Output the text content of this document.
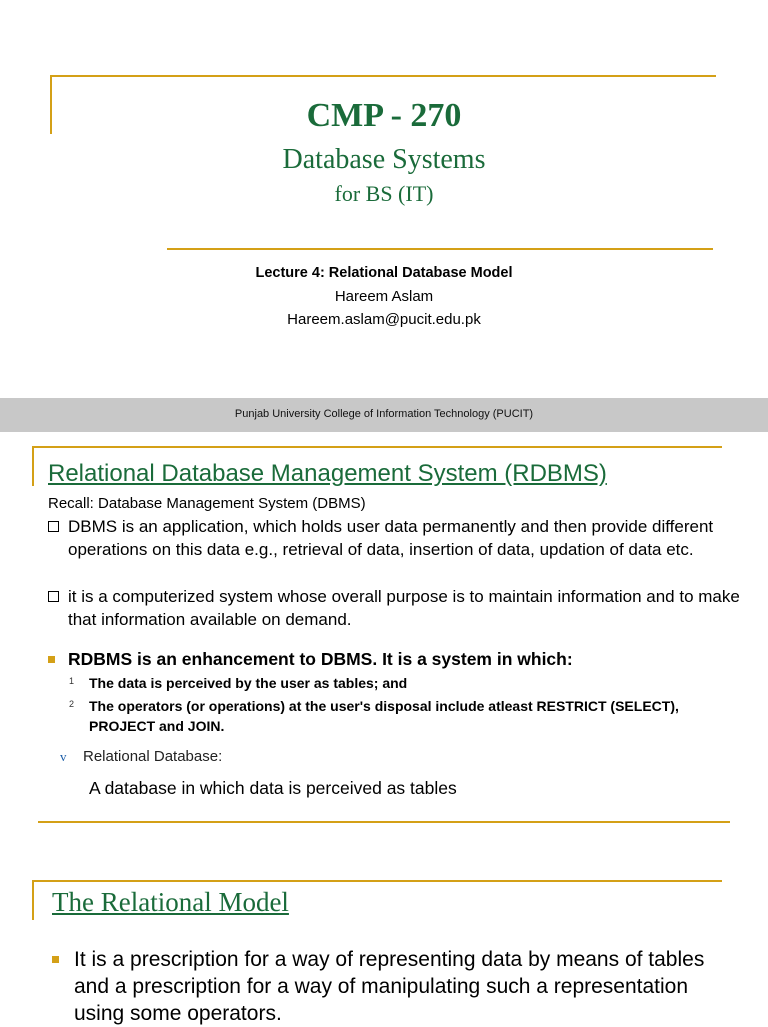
CMP - 270
Database Systems
for BS (IT)
Lecture 4: Relational Database Model
Hareem Aslam
Hareem.aslam@pucit.edu.pk
Punjab University College of Information Technology (PUCIT)
Relational Database Management System (RDBMS)
Recall: Database Management System (DBMS)
DBMS is an application, which holds user data permanently and then provide different operations on this data e.g., retrieval of data, insertion of data, updation of data etc.
it is a computerized system whose overall purpose is to maintain information and to make that information available on demand.
RDBMS is an enhancement to DBMS. It is a system in which:
1 The data is perceived by the user as tables; and
2 The operators (or operations) at the user's disposal include atleast RESTRICT (SELECT), PROJECT and JOIN.
v Relational Database:
A database in which data is perceived as tables
The Relational Model
It is a prescription for a way of representing data by means of tables and a prescription for a way of manipulating such a representation using some operators.
